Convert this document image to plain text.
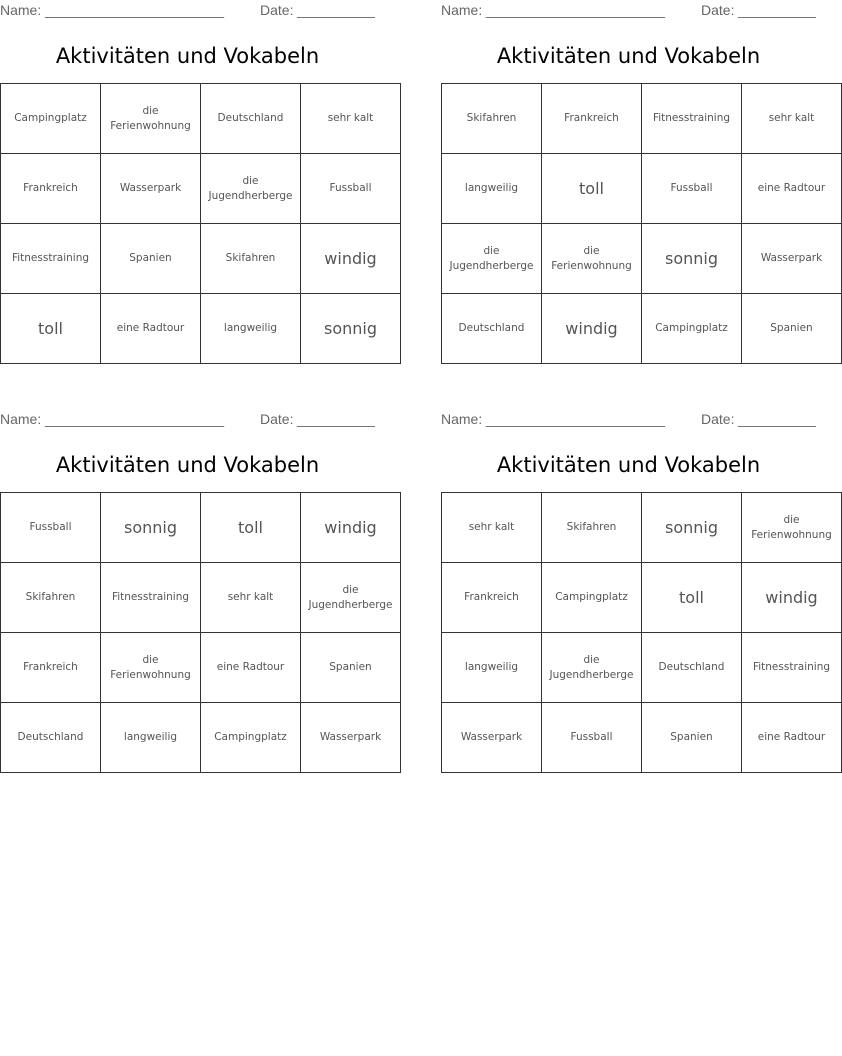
Name: _______________________	Date: __________
Aktivitäten und Vokabeln
Campingplatz	die Ferienwohnung	Deutschland	sehr kalt
Frankreich	Wasserpark	die Jugendherberge	Fussball
Fitnesstraining	Spanien	Skifahren	windig
toll	eine Radtour	langweilig	sonnig
Name: _______________________	Date: __________
Aktivitäten und Vokabeln
Skifahren	Frankreich	Fitnesstraining	sehr kalt
langweilig	toll	Fussball	eine Radtour
die Jugendherberge	die Ferienwohnung	sonnig	Wasserpark
Deutschland	windig	Campingplatz	Spanien
Name: _______________________	Date: __________
Aktivitäten und Vokabeln
Fussball	sonnig	toll	windig
Skifahren	Fitnesstraining	sehr kalt	die Jugendherberge
Frankreich	die Ferienwohnung	eine Radtour	Spanien
Deutschland	langweilig	Campingplatz	Wasserpark
Name: _______________________	Date: __________
Aktivitäten und Vokabeln
sehr kalt	Skifahren	sonnig	die Ferienwohnung
Frankreich	Campingplatz	toll	windig
langweilig	die Jugendherberge	Deutschland	Fitnesstraining
Wasserpark	Fussball	Spanien	eine Radtour
